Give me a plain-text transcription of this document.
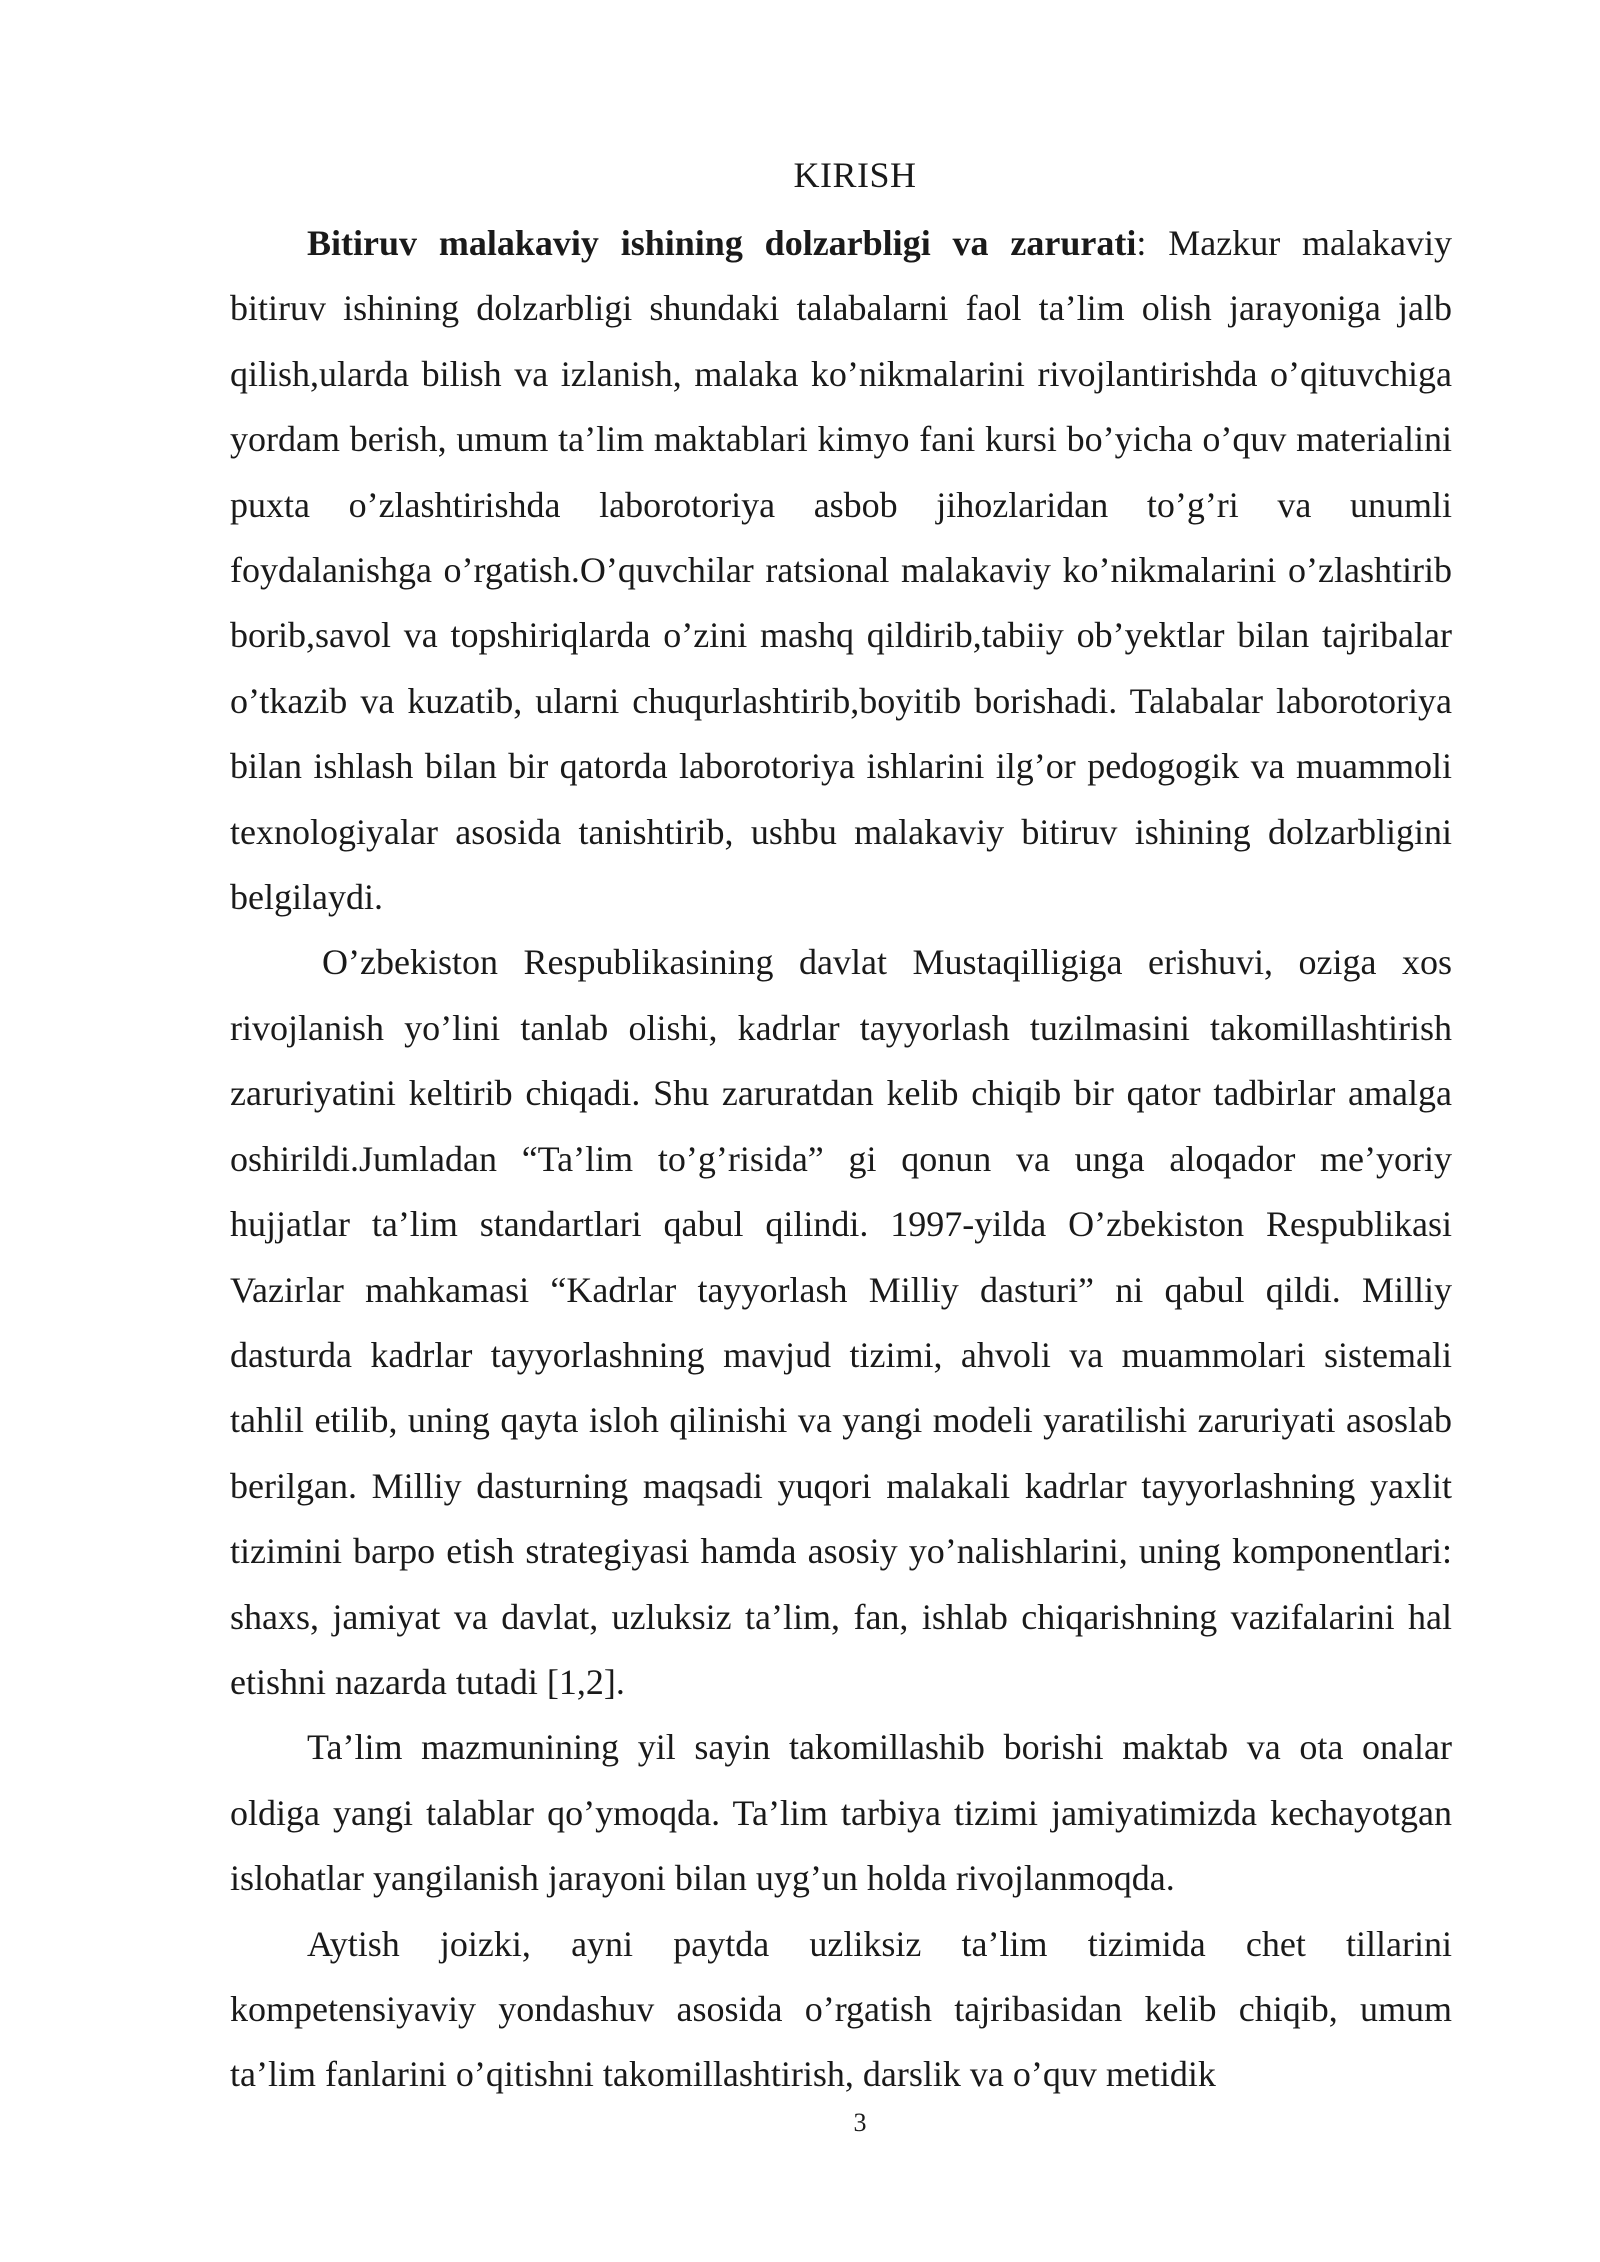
KIRISH

Bitiruv malakaviy ishining dolzarbligi va zarurati: Mazkur malakaviy bitiruv ishining dolzarbligi shundaki talabalarni faol ta’lim olish jarayoniga jalb qilish,ularda bilish va izlanish, malaka ko’nikmalarini rivojlantirishda o’qituvchiga yordam berish, umum ta’lim maktablari kimyo fani kursi bo’yicha o’quv materialini puxta o’zlashtirishda laborotoriya asbob jihozlaridan to’g’ri va unumli foydalanishga o’rgatish.O’quvchilar ratsional malakaviy ko’nikmalarini o’zlashtirib borib,savol va topshiriqlarda o’zini mashq qildirib,tabiiy ob’yektlar bilan tajribalar o’tkazib va kuzatib, ularni chuqurlashtirib,boyitib borishadi. Talabalar laborotoriya bilan ishlash bilan bir qatorda laborotoriya ishlarini ilg’or pedogogik va muammoli texnologiyalar asosida tanishtirib, ushbu malakaviy bitiruv ishining dolzarbligini belgilaydi.

O’zbekiston Respublikasining davlat Mustaqilligiga erishuvi, oziga xos rivojlanish yo’lini tanlab olishi, kadrlar tayyorlash tuzilmasini takomillashtirish zaruriyatini keltirib chiqadi. Shu zaruratdan kelib chiqib bir qator tadbirlar amalga oshirildi.Jumladan “Ta’lim to’g’risida” gi qonun va unga aloqador me’yoriy hujjatlar ta’lim standartlari qabul qilindi. 1997-yilda O’zbekiston Respublikasi Vazirlar mahkamasi “Kadrlar tayyorlash Milliy dasturi” ni qabul qildi. Milliy dasturda kadrlar tayyorlashning mavjud tizimi, ahvoli va muammolari sistemali tahlil etilib, uning qayta isloh qilinishi va yangi modeli yaratilishi zaruriyati asoslab berilgan. Milliy dasturning maqsadi yuqori malakali kadrlar tayyorlashning yaxlit tizimini barpo etish strategiyasi hamda asosiy yo’nalishlarini, uning komponentlari: shaxs, jamiyat va davlat, uzluksiz ta’lim, fan, ishlab chiqarishning vazifalarini hal etishni nazarda tutadi [1,2].

Ta’lim mazmunining yil sayin takomillashib borishi maktab va ota onalar oldiga yangi talablar qo’ymoqda. Ta’lim tarbiya tizimi jamiyatimizda kechayotgan islohatlar yangilanish jarayoni bilan uyg’un holda rivojlanmoqda.

Aytish joizki, ayni paytda uzliksiz ta’lim tizimida chet tillarini kompetensiyaviy yondashuv asosida o’rgatish tajribasidan kelib chiqib, umum ta’lim fanlarini o’qitishni takomillashtirish, darslik va o’quv metidik

3
